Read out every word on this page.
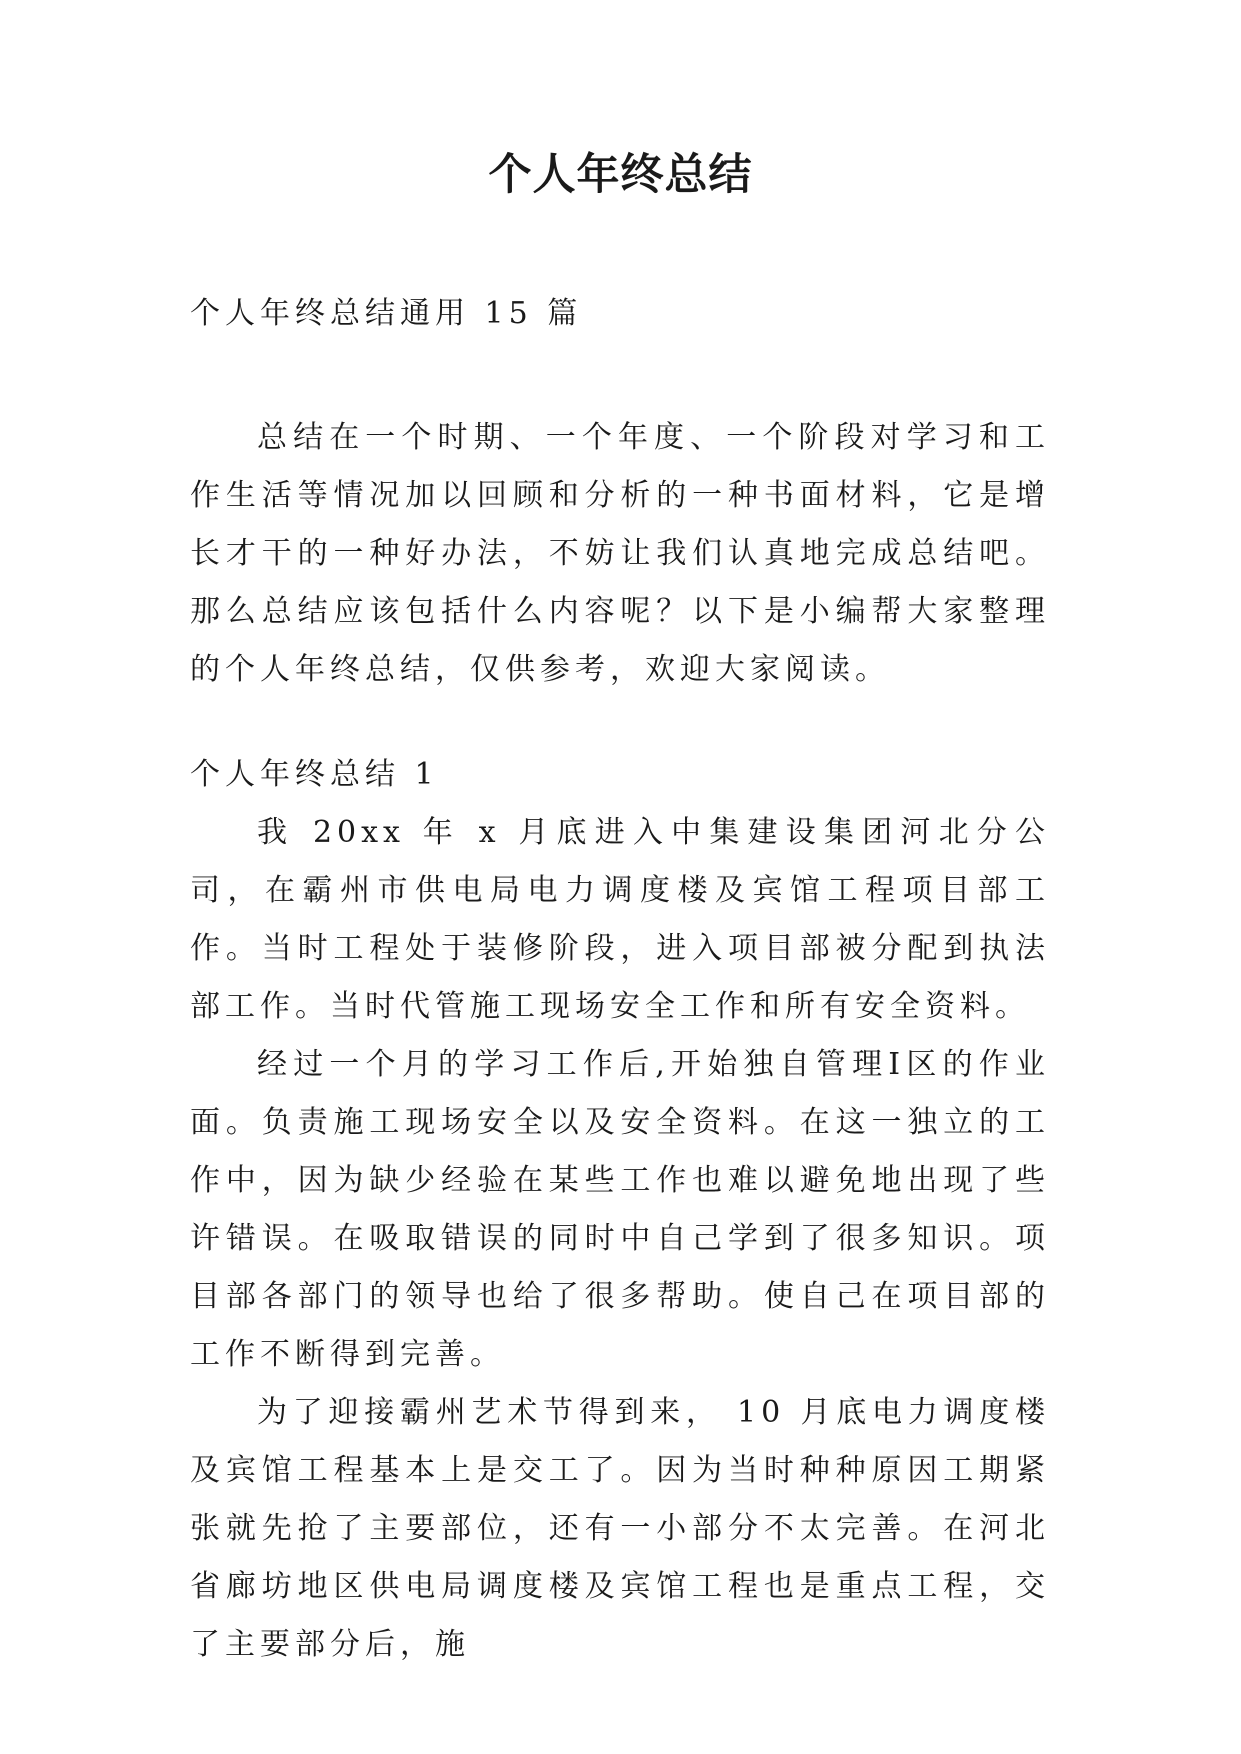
个人年终总结
个人年终总结通用 15 篇
总结在一个时期、一个年度、一个阶段对学习和工作生活等情况加以回顾和分析的一种书面材料，它是增长才干的一种好办法，不妨让我们认真地完成总结吧。那么总结应该包括什么内容呢？以下是小编帮大家整理的个人年终总结，仅供参考，欢迎大家阅读。
个人年终总结 1

我 20xx 年 x 月底进入中集建设集团河北分公司，在霸州市供电局电力调度楼及宾馆工程项目部工作。当时工程处于装修阶段，进入项目部被分配到执法部工作。当时代管施工现场安全工作和所有安全资料。

经过一个月的学习工作后,开始独自管理Ⅰ区的作业面。负责施工现场安全以及安全资料。在这一独立的工作中，因为缺少经验在某些工作也难以避免地出现了些许错误。在吸取错误的同时中自己学到了很多知识。项目部各部门的领导也给了很多帮助。使自己在项目部的工作不断得到完善。

为了迎接霸州艺术节得到来， 10 月底电力调度楼及宾馆工程基本上是交工了。因为当时种种原因工期紧张就先抢了主要部位，还有一小部分不太完善。在河北省廊坊地区供电局调度楼及宾馆工程也是重点工程，交了主要部分后，施
